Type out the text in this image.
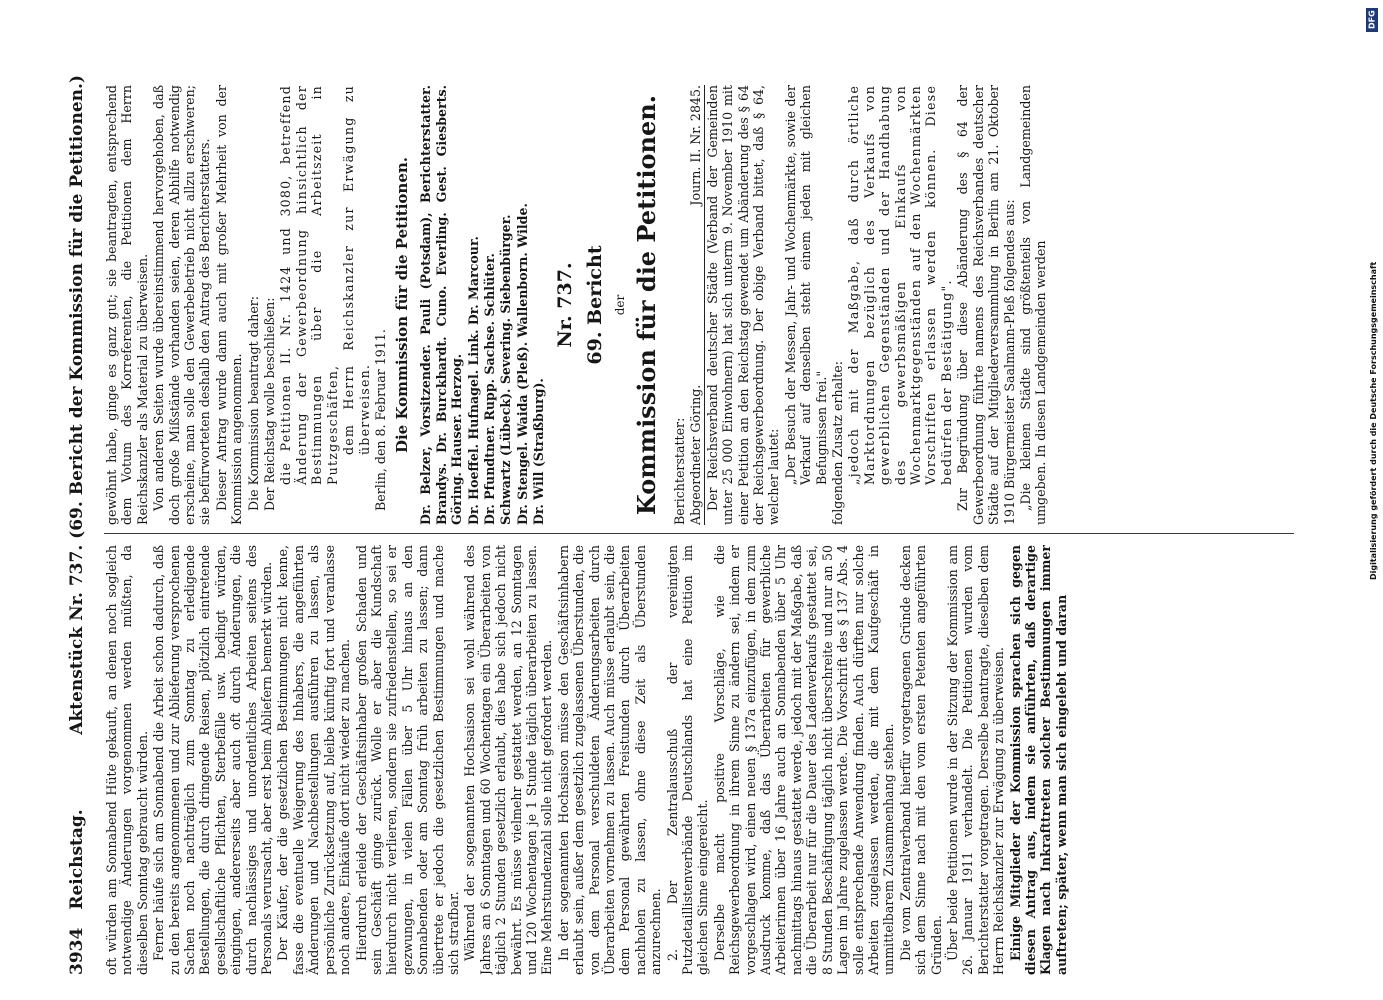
3934
Reichstag.
Aktenstück Nr. 737. (69. Bericht der Kommission für die Petitionen.)

oft würden am Sonnabend Hüte gekauft, an denen noch sogleich notwendige Änderungen vorgenommen werden müßten, da dieselben Sonntag gebraucht würden. Ferner häufe sich am Sonnabend die Arbeit schon dadurch, daß zu den bereits angenommenen und zur Ablieferung versprochenen Sachen noch nachträglich zum Sonntag zu erledigende Bestellungen, die durch dringende Reisen, plötzlich eintretende gesellschaftliche Pflichten, Sterbefälle usw. bedingt würden, eingingen, andererseits aber auch oft durch Änderungen, die durch nachlässiges und unordentliches Arbeiten seitens des Personals verursacht, aber erst beim Abliefern bemerkt würden. Der Käufer, der die gesetzlichen Bestimmungen nicht kenne, fasse die eventuelle Weigerung des Inhabers, die angeführten Änderungen und Nachbestellungen ausführen zu lassen, als persönliche Zurücksetzung auf, bleibe künftig fort und veranlasse noch andere, Einkäufe dort nicht wieder zu machen. Hierdurch erleide der Geschäftsinhaber großen Schaden und sein Geschäft ginge zurück. Wolle er aber die Kundschaft hierdurch nicht verlieren, sondern sie zufriedenstellen, so sei er gezwungen, in vielen Fällen über 5 Uhr hinaus an den Sonnabenden oder am Sonntag früh arbeiten zu lassen; dann übertrete er jedoch die gesetzlichen Bestimmungen und mache sich strafbar. Während der sogenannten Hochsaison sei wohl während des Jahres an 6 Sonntagen und 60 Wochentagen ein Überarbeiten von täglich 2 Stunden gesetzlich erlaubt, dies habe sich jedoch nicht bewährt. Es müsse vielmehr gestattet werden, an 12 Sonntagen und 120 Wochentagen je 1 Stunde täglich überarbeiten zu lassen. Eine Mehrstundenzahl solle nicht gefordert werden. In der sogenannten Hochsaison müsse den Geschäftsinhabern erlaubt sein, außer dem gesetzlich zugelassenen Überstunden, die von dem Personal verschuldeten Änderungsarbeiten durch Überarbeiten vornehmen zu lassen. Auch müsse erlaubt sein, die dem Personal gewährten Freistunden durch Überarbeiten nachholen zu lassen, ohne diese Zeit als Überstunden anzurechnen. 2. Der Zentralausschuß der vereinigten Putzdetaillistenverbände Deutschlands hat eine Petition im gleichen Sinne eingereicht. Derselbe macht positive Vorschläge, wie die Reichsgewerbeordnung in ihrem Sinne zu ändern sei, indem er vorgeschlagen wird, einen neuen § 137a einzufügen, in dem zum Ausdruck komme, daß das Überarbeiten für gewerbliche Arbeiterinnen über 16 Jahre auch an Sonnabenden über 5 Uhr nachmittags hinaus gestattet werde, jedoch mit der Maßgabe, daß die Überarbeit nur für die Dauer des Ladenverkaufs gestattet sei, 8 Stunden Beschäftigung täglich nicht überschreite und nur an 50 Lagen im Jahre zugelassen werde. Die Vorschrift des § 137 Abs. 4 solle entsprechende Anwendung finden. Auch dürften nur solche Arbeiten zugelassen werden, die mit dem Kaufgeschäft in unmittelbarem Zusammenhang stehen. Die vom Zentralverband hierfür vorgetragenen Gründe decken sich dem Sinne nach mit den vom ersten Petenten angeführten Gründen. Über beide Petitionen wurde in der Sitzung der Kommission am 26. Januar 1911 verhandelt. Die Petitionen wurden vom Berichterstatter vorgetragen. Derselbe beantragte, dieselben dem Herrn Reichskanzler zur Erwägung zu überweisen. Einige Mitglieder der Kommission sprachen sich gegen diesen Antrag aus, indem sie anführten, daß derartige Klagen nach Inkrafttreten solcher Bestimmungen immer auftreten; später, wenn man sich eingelebt und daran

gewöhnt habe, ginge es ganz gut; sie beantragten, entsprechend dem Votum des Korreferenten, die Petitionen dem Herrn Reichskanzler als Material zu überweisen. Von anderen Seiten wurde übereinstimmend hervorgehoben, daß doch große Mißstände vorhanden seien, deren Abhilfe notwendig erscheine, man solle den Gewerbebetrieb nicht allzu erschweren; sie befürworteten deshalb den Antrag des Berichterstatters. Dieser Antrag wurde dann auch mit großer Mehrheit von der Kommission angenommen. Die Kommission beantragt daher: Der Reichstag wolle beschließen: die Petitionen II. Nr. 1424 und 3080, betreffend Änderung der Gewerbeordnung hinsichtlich der Bestimmungen über die Arbeitszeit in Putzgeschäften, dem Herrn Reichskanzler zur Erwägung zu überweisen. Berlin, den 8. Februar 1911. Die Kommission für die Petitionen. Dr. Belzer, Vorsitzender. Pauli (Potsdam), Berichterstatter. Brandys. Dr. Burckhardt. Cuno. Everling. Gest. Giesberts. Göring. Hauser. Herzog. Dr. Hoeffel. Hufnagel. Link. Dr. Marcour. Dr. Pfundtner. Rupp. Sachse. Schlüter. Schwartz (Lübeck). Severing. Siebenbürger. Dr. Stengel. Waida (Pleß). Wallenborn. Wilde. Dr. Will (Straßburg).

Nr. 737. 69. Bericht der Kommission für die Petitionen. Berichterstatter: Abgeordneter Göring.
Journ. II. Nr. 2845. Der Reichsverband deutscher Städte (Verband der Gemeinden unter 25 000 Einwohnern) hat sich unterm 9. November 1910 mit einer Petition an den Reichstag gewendet um Abänderung des § 64 der Reichsgewerbeordnung. Der obige Verband bittet, daß § 64, welcher lautet: „Der Besuch der Messen, Jahr- und Wochenmärkte, sowie der Verkauf auf denselben steht einem jeden mit gleichen Befugnissen frei." folgenden Zusatz erhalte: „jedoch mit der Maßgabe, daß durch örtliche Marktordnungen bezüglich des Verkaufs von gewerblichen Gegenständen und der Handhabung des gewerbsmäßigen Einkaufs von Wochenmarktgegenständen auf den Wochenmärkten Vorschriften erlassen werden können. Diese bedürfen der Bestätigung". Zur Begründung über diese Abänderung des § 64 der Gewerbeordnung führte namens des Reichsverbandes deutscher Städte auf der Mitgliederversammlung in Berlin am 21. Oktober 1910 Bürgermeister Saalmann-Pleß folgendes aus: „Die kleinen Städte sind größtenteils von Landgemeinden umgeben. In diesen Landgemeinden werden

DFG
Digitalisierung gefördert durch die Deutsche Forschungsgemeinschaft
